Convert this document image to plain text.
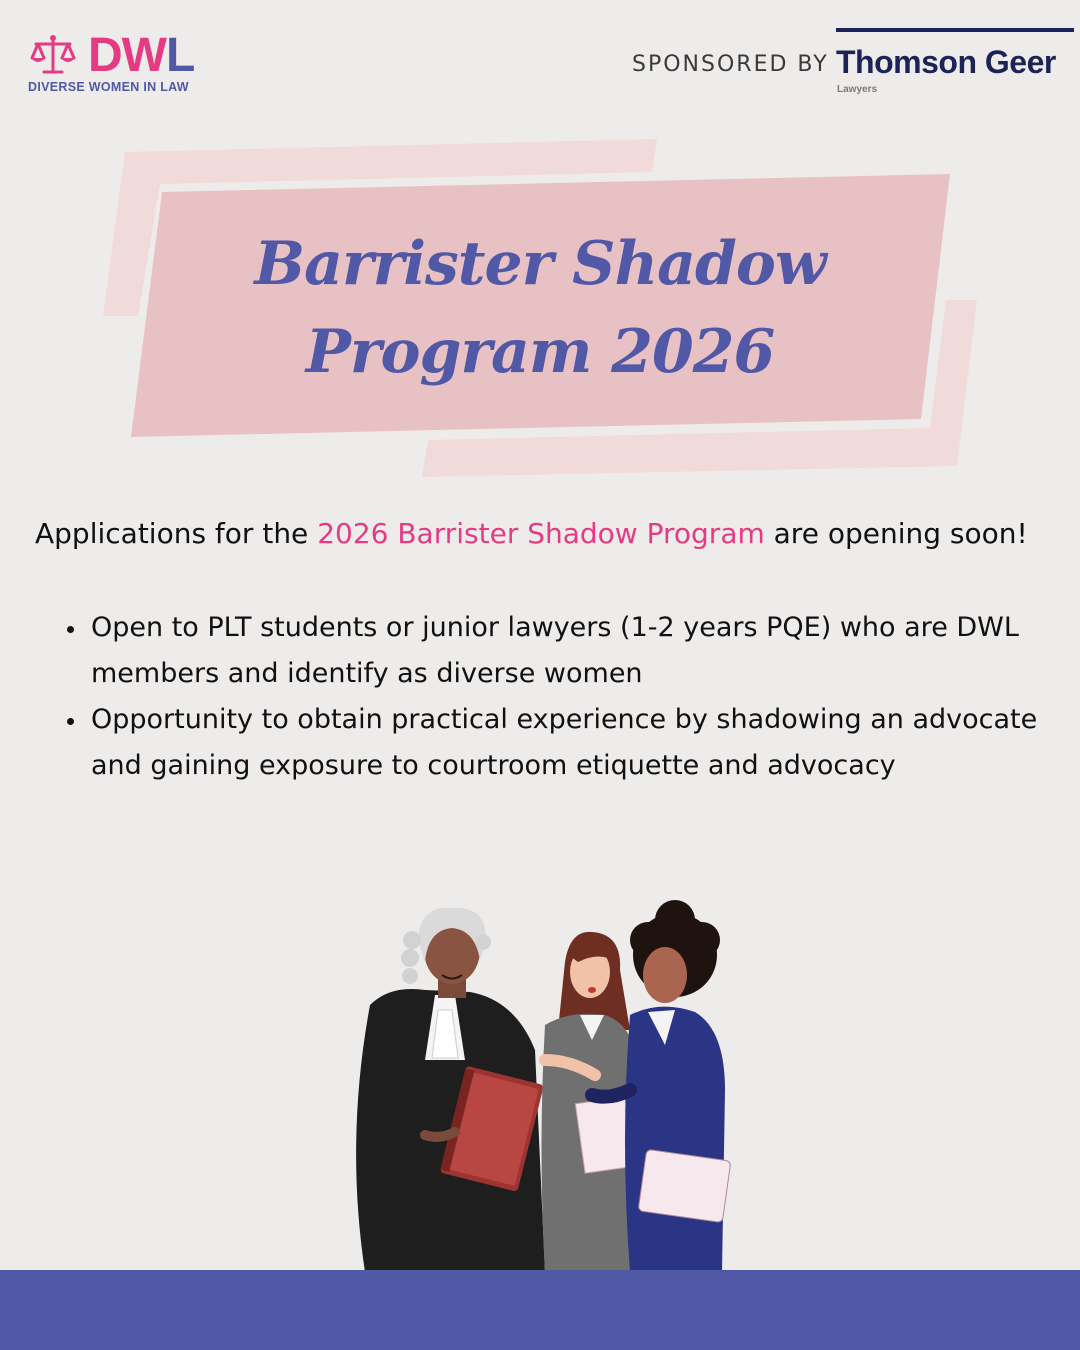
DWL
DIVERSE WOMEN IN LAW
SPONSORED BY Thomson Geer
Lawyers
Barrister Shadow
Program 2026
Applications for the 2026 Barrister Shadow Program are opening soon!
Open to PLT students or junior lawyers (1-2 years PQE) who are DWL members and identify as diverse women
Opportunity to obtain practical experience by shadowing an advocate and gaining exposure to courtroom etiquette and advocacy
